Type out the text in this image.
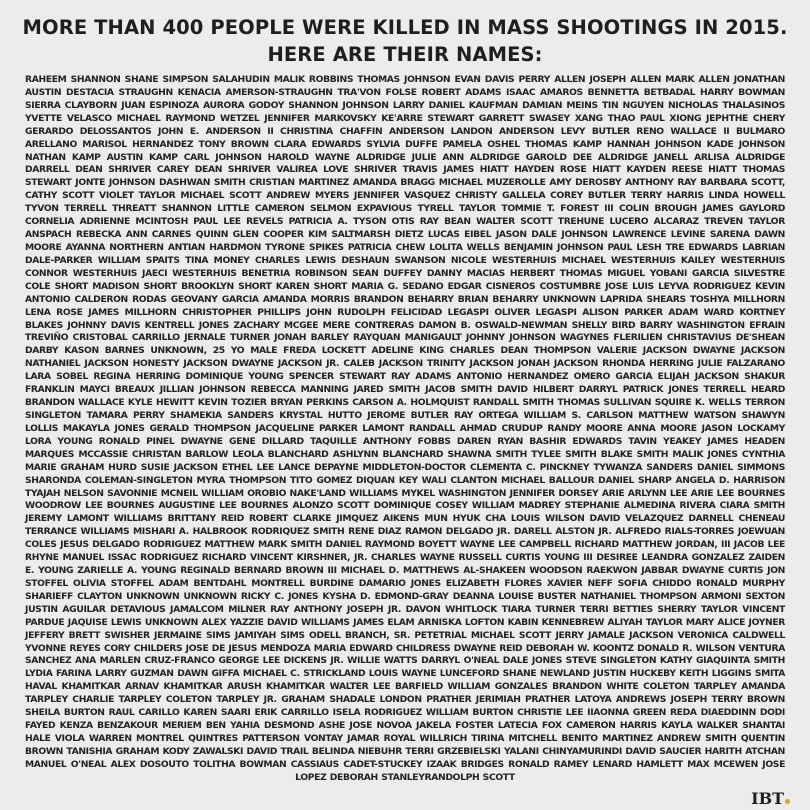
MORE THAN 400 PEOPLE WERE KILLED IN MASS SHOOTINGS IN 2015.
HERE ARE THEIR NAMES:
RAHEEM SHANNON SHANE SIMPSON SALAHUDIN MALIK ROBBINS THOMAS JOHNSON EVAN DAVIS PERRY ALLEN JOSEPH ALLEN MARK ALLEN JONATHAN AUSTIN DESTACIA STRAUGHN KENACIA AMERSON-STRAUGHN TRA'VON FOLSE ROBERT ADAMS ISAAC AMAROS BENNETTA BETBADAL HARRY BOWMAN SIERRA CLAYBORN JUAN ESPINOZA AURORA GODOY SHANNON JOHNSON LARRY DANIEL KAUFMAN DAMIAN MEINS TIN NGUYEN NICHOLAS THALASINOS YVETTE VELASCO MICHAEL RAYMOND WETZEL JENNIFER MARKOVSKY KE'ARRE STEWART GARRETT SWASEY XANG THAO PAUL XIONG JEPHTHE CHERY GERARDO DELOSSANTOS JOHN E. ANDERSON II CHRISTINA CHAFFIN ANDERSON LANDON ANDERSON LEVY BUTLER RENO WALLACE II BULMARO ARELLANO MARISOL HERNANDEZ TONY BROWN CLARA EDWARDS SYLVIA DUFFE PAMELA OSHEL THOMAS KAMP HANNAH JOHNSON KADE JOHNSON NATHAN KAMP AUSTIN KAMP CARL JOHNSON HAROLD WAYNE ALDRIDGE JULIE ANN ALDRIDGE GAROLD DEE ALDRIDGE JANELL ARLISA ALDRIDGE DARRELL DEAN SHRIVER CAREY DEAN SHRIVER VALIREA LOVE SHRIVER TRAVIS JAMES HIATT HAYDEN ROSE HIATT KAYDEN REESE HIATT THOMAS STEWART JONTE JOHNSON DASHWAN SMITH CRISTIAN MARTINEZ AMANDA BRAGG MICHAEL MUZEROLLE AMY DEROSBY ANTHONY RAY BARBARA SCOTT, CATHY SCOTT VIOLET TAYLOR MICHAEL SCOTT ANDREW MYERS JENNIFER VASQUEZ CHRISTY GALLELA COREY BUTLER TERRY HARRIS LINDA HOWELL TYVON TERRELL THREATT SHANNON LITTLE CAMERON SELMON EXPAVIOUS TYRELL TAYLOR TOMMIE T. FOREST III COLIN BROUGH JAMES GAYLORD CORNELIA ADRIENNE MCINTOSH PAUL LEE REVELS PATRICIA A. TYSON OTIS RAY BEAN WALTER SCOTT TREHUNE LUCERO ALCARAZ TREVEN TAYLOR ANSPACH REBECKA ANN CARNES QUINN GLEN COOPER KIM SALTMARSH DIETZ LUCAS EIBEL JASON DALE JOHNSON LAWRENCE LEVINE SARENA DAWN MOORE AYANNA NORTHERN ANTIAN HARDMON TYRONE SPIKES PATRICIA CHEW LOLITA WELLS BENJAMIN JOHNSON PAUL LESH TRE EDWARDS LABRIAN DALE-PARKER WILLIAM SPAITS TINA MONEY CHARLES LEWIS DESHAUN SWANSON NICOLE WESTERHUIS MICHAEL WESTERHUIS KAILEY WESTERHUIS CONNOR WESTERHUIS JAECI WESTERHUIS BENETRIA ROBINSON SEAN DUFFEY DANNY MACIAS HERBERT THOMAS MIGUEL YOBANI GARCIA SILVESTRE COLE SHORT MADISON SHORT BROOKLYN SHORT KAREN SHORT MARIA G. SEDANO EDGAR CISNEROS COSTUMBRE JOSE LUIS LEYVA RODRIGUEZ KEVIN ANTONIO CALDERON RODAS GEOVANY GARCIA AMANDA MORRIS BRANDON BEHARRY BRIAN BEHARRY UNKNOWN LAPRIDA SHEARS TOSHYA MILLHORN LENA ROSE JAMES MILLHORN CHRISTOPHER PHILLIPS JOHN RUDOLPH FELICIDAD LEGASPI OLIVER LEGASPI ALISON PARKER ADAM WARD KORTNEY BLAKES JOHNNY DAVIS KENTRELL JONES ZACHARY MCGEE MERE CONTRERAS DAMON B. OSWALD-NEWMAN SHELLY BIRD BARRY WASHINGTON EFRAIN TREVIÑO CRISTOBAL CARRILLO JERNALE TURNER JONAH BARLEY RAYQUAN MANIGAULT JOHNNY JOHNSON WAGYNES FLERILIEN CHRISTAVIUS DE'SHEAN DARBY KASON BARNES UNKNOWN, 25 YO MALE FREDA LOCKETT ADELINE KING CHARLES DEAN THOMPSON VALERIE JACKSON DWAYNE JACKSON NATHANIEL JACKSON HONESTY JACKSON DWAYNE JACKSON JR. CALEB JACKSON TRINITY JACKSON JONAH JACKSON RHONDA HERRING JULIE FALZARANO LARA SOBEL REGINA HERRING DOMINIQUE YOUNG SPENCER STEWART RAY ADAMS ANTONIO HERNANDEZ OMERO GARCIA ELIJAH JACKSON SHAKUR FRANKLIN MAYCI BREAUX JILLIAN JOHNSON REBECCA MANNING JARED SMITH JACOB SMITH DAVID HILBERT DARRYL PATRICK JONES TERRELL HEARD BRANDON WALLACE KYLE HEWITT KEVIN TOZIER BRYAN PERKINS CARSON A. HOLMQUIST RANDALL SMITH THOMAS SULLIVAN SQUIRE K. WELLS TERRON SINGLETON TAMARA PERRY SHAMEKIA SANDERS KRYSTAL HUTTO JEROME BUTLER RAY ORTEGA WILLIAM S. CARLSON MATTHEW WATSON SHAWYN LOLLIS MAKAYLA JONES GERALD THOMPSON JACQUELINE PARKER LAMONT RANDALL AHMAD CRUDUP RANDY MOORE ANNA MOORE JASON LOCKAMY LORA YOUNG RONALD PINEL DWAYNE GENE DILLARD TAQUILLE ANTHONY FOBBS DAREN RYAN BASHIR EDWARDS TAVIN YEAKEY JAMES HEADEN MARQUES MCCASSIE CHRISTAN BARLOW LEOLA BLANCHARD ASHLYNN BLANCHARD SHAWNA SMITH TYLEE SMITH BLAKE SMITH MALIK JONES CYNTHIA MARIE GRAHAM HURD SUSIE JACKSON ETHEL LEE LANCE DEPAYNE MIDDLETON-DOCTOR CLEMENTA C. PINCKNEY TYWANZA SANDERS DANIEL SIMMONS SHARONDA COLEMAN-SINGLETON MYRA THOMPSON TITO GOMEZ DIQUAN KEY WALI CLANTON MICHAEL BALLOUR DANIEL SHARP ANGELA D. HARRISON TYAJAH NELSON SAVONNIE MCNEIL WILLIAM OROBIO NAKE'LAND WILLIAMS MYKEL WASHINGTON JENNIFER DORSEY ARIE ARLYNN LEE ARIE LEE BOURNES WOODROW LEE BOURNES AUGUSTINE LEE BOURNES ALONZO SCOTT DOMINIQUE COSEY WILLIAM MADREY STEPHANIE ALMEDINA RIVERA CIARA SMITH JEREMY LAMONT WILLIAMS BRITTANY REID ROBERT CLARKE JIMQUEZ AIKENS MUN HYUK CHA LOUIS WILSON DAVID VELAZQUEZ DARNELL CHENEAU TERRANCE WILLIAMS MISHARI A. HALBROOK RODRIQUEZ SMITH RENE DIAZ RAMON DELGADO JR. DARELL ALSTON JR. ALFREDO RIALS-TORRES JOEWUAN COLES JESUS DELGADO RODRIGUEZ MATTHEW MARK SMITH DANIEL RAYMOND BOYETT WAYNE LEE CAMPBELL RICHARD MATTHEW JORDAN, III JACOB LEE RHYNE MANUEL ISSAC RODRIGUEZ RICHARD VINCENT KIRSHNER, JR. CHARLES WAYNE RUSSELL CURTIS YOUNG III DESIREE LEANDRA GONZALEZ ZAIDEN E. YOUNG ZARIELLE A. YOUNG REGINALD BERNARD BROWN III MICHAEL D. MATTHEWS AL-SHAKEEN WOODSON RAEKWON JABBAR DWAYNE CURTIS JON STOFFEL OLIVIA STOFFEL ADAM BENTDAHL MONTRELL BURDINE DAMARIO JONES ELIZABETH FLORES XAVIER NEFF SOFIA CHIDDO RONALD MURPHY SHARIEFF CLAYTON UNKNOWN UNKNOWN RICKY C. JONES KYSHA D. EDMOND-GRAY DEANNA LOUISE BUSTER NATHANIEL THOMPSON ARMONI SEXTON JUSTIN AGUILAR DETAVIOUS JAMALCOM MILNER RAY ANTHONY JOSEPH JR. DAVON WHITLOCK TIARA TURNER TERRI BETTIES SHERRY TAYLOR VINCENT PARDUE JAQUISE LEWIS UNKNOWN ALEX YAZZIE DAVID WILLIAMS JAMES ELAM ARNISKA LOFTON KABIN KENNEBREW ALIYAH TAYLOR MARY ALICE JOYNER JEFFERY BRETT SWISHER JERMAINE SIMS JAMIYAH SIMS ODELL BRANCH, SR. PETETRIAL MICHAEL SCOTT JERRY JAMALE JACKSON VERONICA CALDWELL YVONNE REYES CORY CHILDERS JOSE DE JESUS MENDOZA MARIA EDWARD CHILDRESS DWAYNE REID DEBORAH W. KOONTZ DONALD R. WILSON VENTURA SANCHEZ ANA MARLEN CRUZ-FRANCO GEORGE LEE DICKENS JR. WILLIE WATTS DARRYL O'NEAL DALE JONES STEVE SINGLETON KATHY GIAQUINTA SMITH LYDIA FARINA LARRY GUZMAN DAWN GIFFA MICHAEL C. STRICKLAND LOUIS WAYNE LUNCEFORD SHANE NEWLAND JUSTIN HUCKEBY KEITH LIGGINS SMITA HAVAL KHAMITKAR ARNAV KHAMITKAR ARUSH KHAMITKAR WALTER LEE BARFIELD WILLIAM GONZALES BRANDON WHITE COLETON TARPLEY AMANDA TARPLEY CHARLIE TARPLEY COLETON TARPLEY JR. GRAHAM SHADALE LONDON PRATHER JERIMIAH PRATHER LATOYA ANDREWS JOSEPH TERRY BROWN SHEILA BURTON RAUL CARILLO KAREN SAARI ERIK CARRILLO ISELA RODRIGUEZ WILLIAM BURTON CHRISTIE LEE IIAONNA GREEN REDA DIAEDDINN DODI FAYED KENZA BENZAKOUR MERIEM BEN YAHIA DESMOND ASHE JOSE NOVOA JAKELA FOSTER LATECIA FOX CAMERON HARRIS KAYLA WALKER SHANTAI HALE VIOLA WARREN MONTREL QUINTRES PATTERSON VONTAY JAMAR ROYAL WILLRICH TIRINA MITCHELL BENITO MARTINEZ ANDREW SMITH QUENTIN BROWN TANISHIA GRAHAM KODY ZAWALSKI DAVID TRAIL BELINDA NIEBUHR TERRI GRZEBIELSKI YALANI CHINYAMURINDI DAVID SAUCIER HARITH ATCHAN MANUEL O'NEAL ALEX DOSOUTO TOLITHA BOWMAN CASSIAUS CADET-STUCKEY IZAAK BRIDGES RONALD RAMEY LENARD HAMLETT MAX MCEWEN JOSE LOPEZ DEBORAH STANLEYRANDOLPH SCOTT
IBT
